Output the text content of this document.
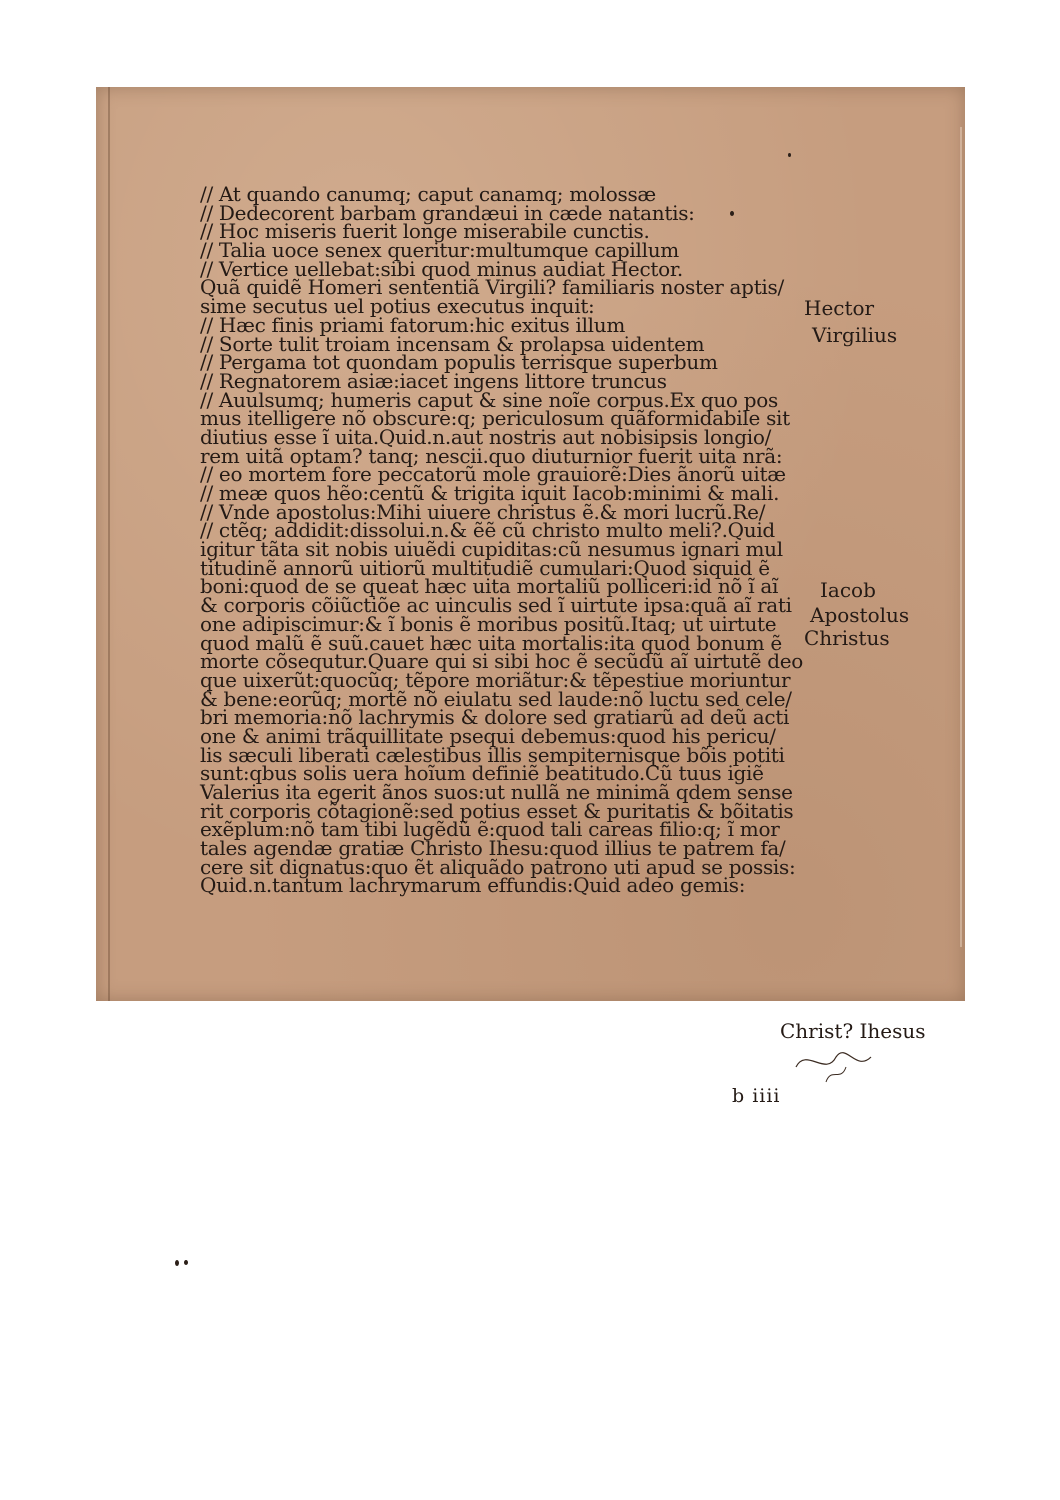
// At quando canumq; caput canamq; molossæ
// Dedecorent barbam grandæui in cæde natantis:
// Hoc miseris fuerit longe miserabile cunctis.
// Talia uoce senex queritur:multumque capillum
// Vertice uellebat:sibi quod minus audiat Hector.
Quã quidẽ Homeri sententiã Virgili? familiaris noster aptis/
sime secutus uel potius executus inquit:
// Hæc finis priami fatorum:hic exitus illum
// Sorte tulit troiam incensam & prolapsa uidentem
// Pergama tot quondam populis terrisque superbum
// Regnatorem asiæ:iacet ingens littore truncus
// Auulsumq; humeris caput & sine noĩe corpus.Ex quo pos
mus itelligere nõ obscure:q; periculosum quãformidabile sit
diutius esse ĩ uita.Quid.n.aut nostris aut nobisipsis longio/
rem uitã optam? tanq; nescii.quo diuturnior fuerit uita nrã:
// eo mortem fore peccatorũ mole grauiorẽ:Dies ãnorũ uitæ
// meæ quos hẽo:centũ & trigita iquit Iacob:minimi & mali.
// Vnde apostolus:Mihi uiuere christus ẽ.& mori lucrũ.Re/
// ctẽq; addidit:dissolui.n.& ẽẽ cũ christo multo meli?.Quid
igitur tãta sit nobis uiuẽdi cupiditas:cũ nesumus ignari mul
titudinẽ annorũ uitiorũ multitudiẽ cumulari:Quod siquid ẽ
boni:quod de se queat hæc uita mortaliũ polliceri:id nõ ĩ aĩ
& corporis cõiũctiõe ac uinculis sed ĩ uirtute ipsa:quã aĩ rati
one adipiscimur:& ĩ bonis ẽ moribus positũ.Itaq; ut uirtute
quod malũ ẽ suũ.cauet hæc uita mortalis:ita quod bonum ẽ
morte cõsequtur.Quare qui si sibi hoc ẽ secũdũ aĩ uirtutẽ deo
que uixerũt:quocũq; tẽpore moriãtur:& tẽpestiue moriuntur
& bene:eorũq; mortẽ nõ eiulatu sed laude:nõ luctu sed cele/
bri memoria:nõ lachrymis & dolore sed gratiarũ ad deũ acti
one & animi trãquillitate psequi debemus:quod his pericu/
lis sæculi liberati cælestibus illis sempiternisque bõis potiti
sunt:qbus solis uera hoĩum definiẽ beatitudo.Cũ tuus igiẽ
Valerius ita egerit ãnos suos:ut nullã ne minimã qdem sense
rit corporis cõtagionẽ:sed potius esset & puritatis & bõitatis
exẽplum:nõ tam tibi lugẽdũ ẽ:quod tali careas filio:q; ĩ mor
tales agendæ gratiæ Christo Ihesu:quod illius te patrem fa/
cere sit dignatus:quo ẽt aliquãdo patrono uti apud se possis:
Quid.n.tantum lachrymarum effundis:Quid adeo gemis:
Hector
Virgilius
Iacob
Apostolus
Christus
Christ? Ihesus
b iiii
